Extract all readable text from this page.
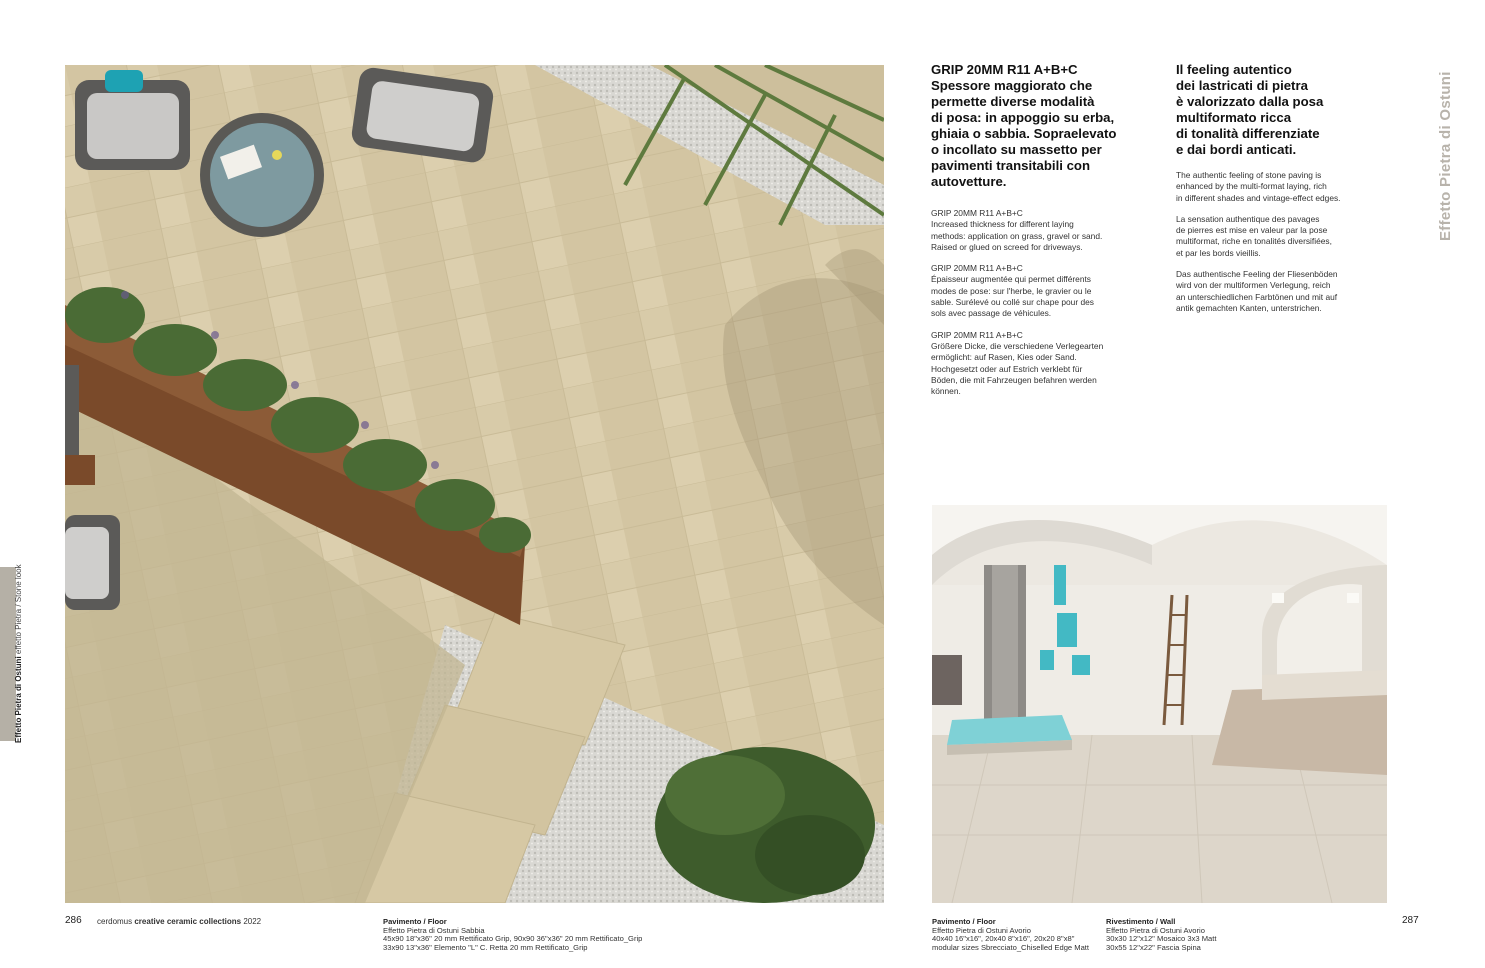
Effetto Pietra di Ostuni effetto Pietra / Stone look

GRIP 20MM R11 A+B+C
Spessore maggiorato che
permette diverse modalità
di posa: in appoggio su erba,
ghiaia o sabbia. Sopraelevato
o incollato su massetto per
pavimenti transitabili con
autovetture.

GRIP 20MM R11 A+B+C
Increased thickness for different laying
methods: application on grass, gravel or sand.
Raised or glued on screed for driveways.

GRIP 20MM R11 A+B+C
Épaisseur augmentée qui permet différents
modes de pose: sur l'herbe, le gravier ou le
sable. Surélevé ou collé sur chape pour des
sols avec passage de véhicules.

GRIP 20MM R11 A+B+C
Größere Dicke, die verschiedene Verlegearten
ermöglicht: auf Rasen, Kies oder Sand.
Hochgesetzt oder auf Estrich verklebt für
Böden, die mit Fahrzeugen befahren werden
können.

Il feeling autentico
dei lastricati di pietra
è valorizzato dalla posa
multiformato ricca
di tonalità differenziate
e dai bordi anticati.

The authentic feeling of stone paving is
enhanced by the multi-format laying, rich
in different shades and vintage-effect edges.

La sensation authentique des pavages
de pierres est mise en valeur par la pose
multiformat, riche en tonalités diversifiées,
et par les bords vieillis.

Das authentische Feeling der Fliesenböden
wird von der multiformen Verlegung, reich
an unterschiedlichen Farbtönen und mit auf
antik gemachten Kanten, unterstrichen.

Effetto Pietra di Ostuni
286 cerdomus creative ceramic collections 2022	Pavimento / Floor
Effetto Pietra di Ostuni Sabbia
45x90 18"x36" 20 mm Rettificato Grip, 90x90 36"x36" 20 mm Rettificato_Grip
33x90 13"x36" Elemento "L" C. Retta 20 mm Rettificato_Grip
Pavimento / Floor
Effetto Pietra di Ostuni Avorio
40x40 16"x16", 20x40 8"x16", 20x20 8"x8"
modular sizes Sbrecciato_Chiselled Edge Matt
Rivestimento / Wall
Effetto Pietra di Ostuni Avorio
30x30 12"x12" Mosaico 3x3 Matt
30x55 12"x22" Fascia Spina
287
